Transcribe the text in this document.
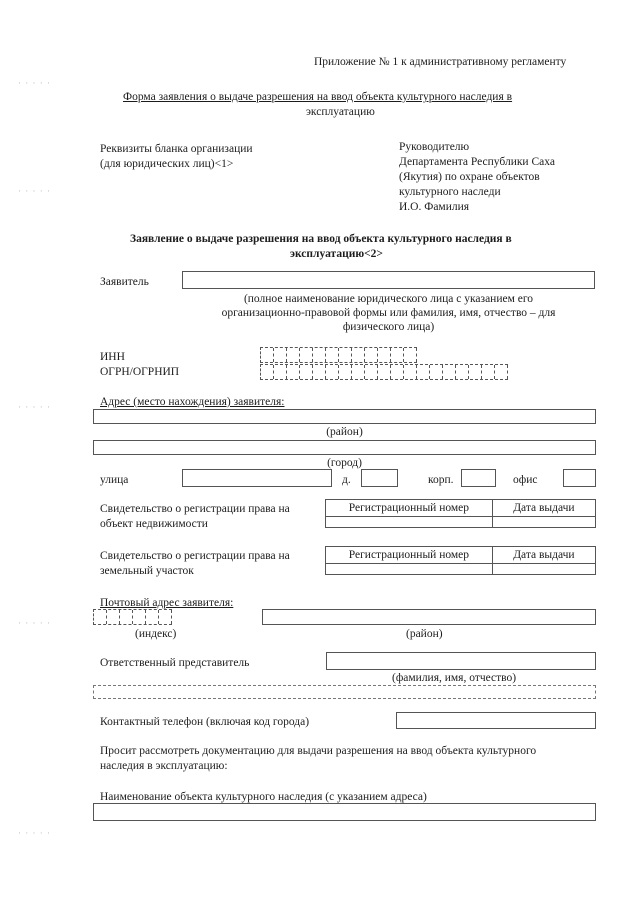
· · · · ·
· · · · ·
· · · · ·
· · · · ·
· · · · ·
Приложение № 1 к административному регламенту
Форма заявления о выдаче разрешения на ввод объекта культурного наследия в
эксплуатацию
Реквизиты бланка организации
(для юридических лиц)<1>
Руководителю
Департамента Республики Саха
(Якутия) по охране объектов
культурного наследи
И.О. Фамилия
Заявление о выдаче разрешения на ввод объекта культурного наследия в
эксплуатацию<2>
Заявитель
(полное наименование юридического лица с указанием его
организационно-правовой формы или фамилия, имя, отчество – для
физического лица)
ИНН
ОГРН/ОГРНИП
Адрес (место нахождения) заявителя:
(район)
(город)
улица	д.	корп.	офис
Свидетельство о регистрации права на
объект недвижимости
Регистрационный номер	Дата выдачи
Свидетельство о регистрации права на
земельный участок
Регистрационный номер	Дата выдачи
Почтовый адрес заявителя:
(индекс)	(район)
Ответственный представитель
(фамилия, имя, отчество)
Контактный телефон (включая код города)
Просит рассмотреть документацию для выдачи разрешения на ввод объекта культурного
наследия в эксплуатацию:
Наименование объекта культурного наследия (с указанием адреса)
